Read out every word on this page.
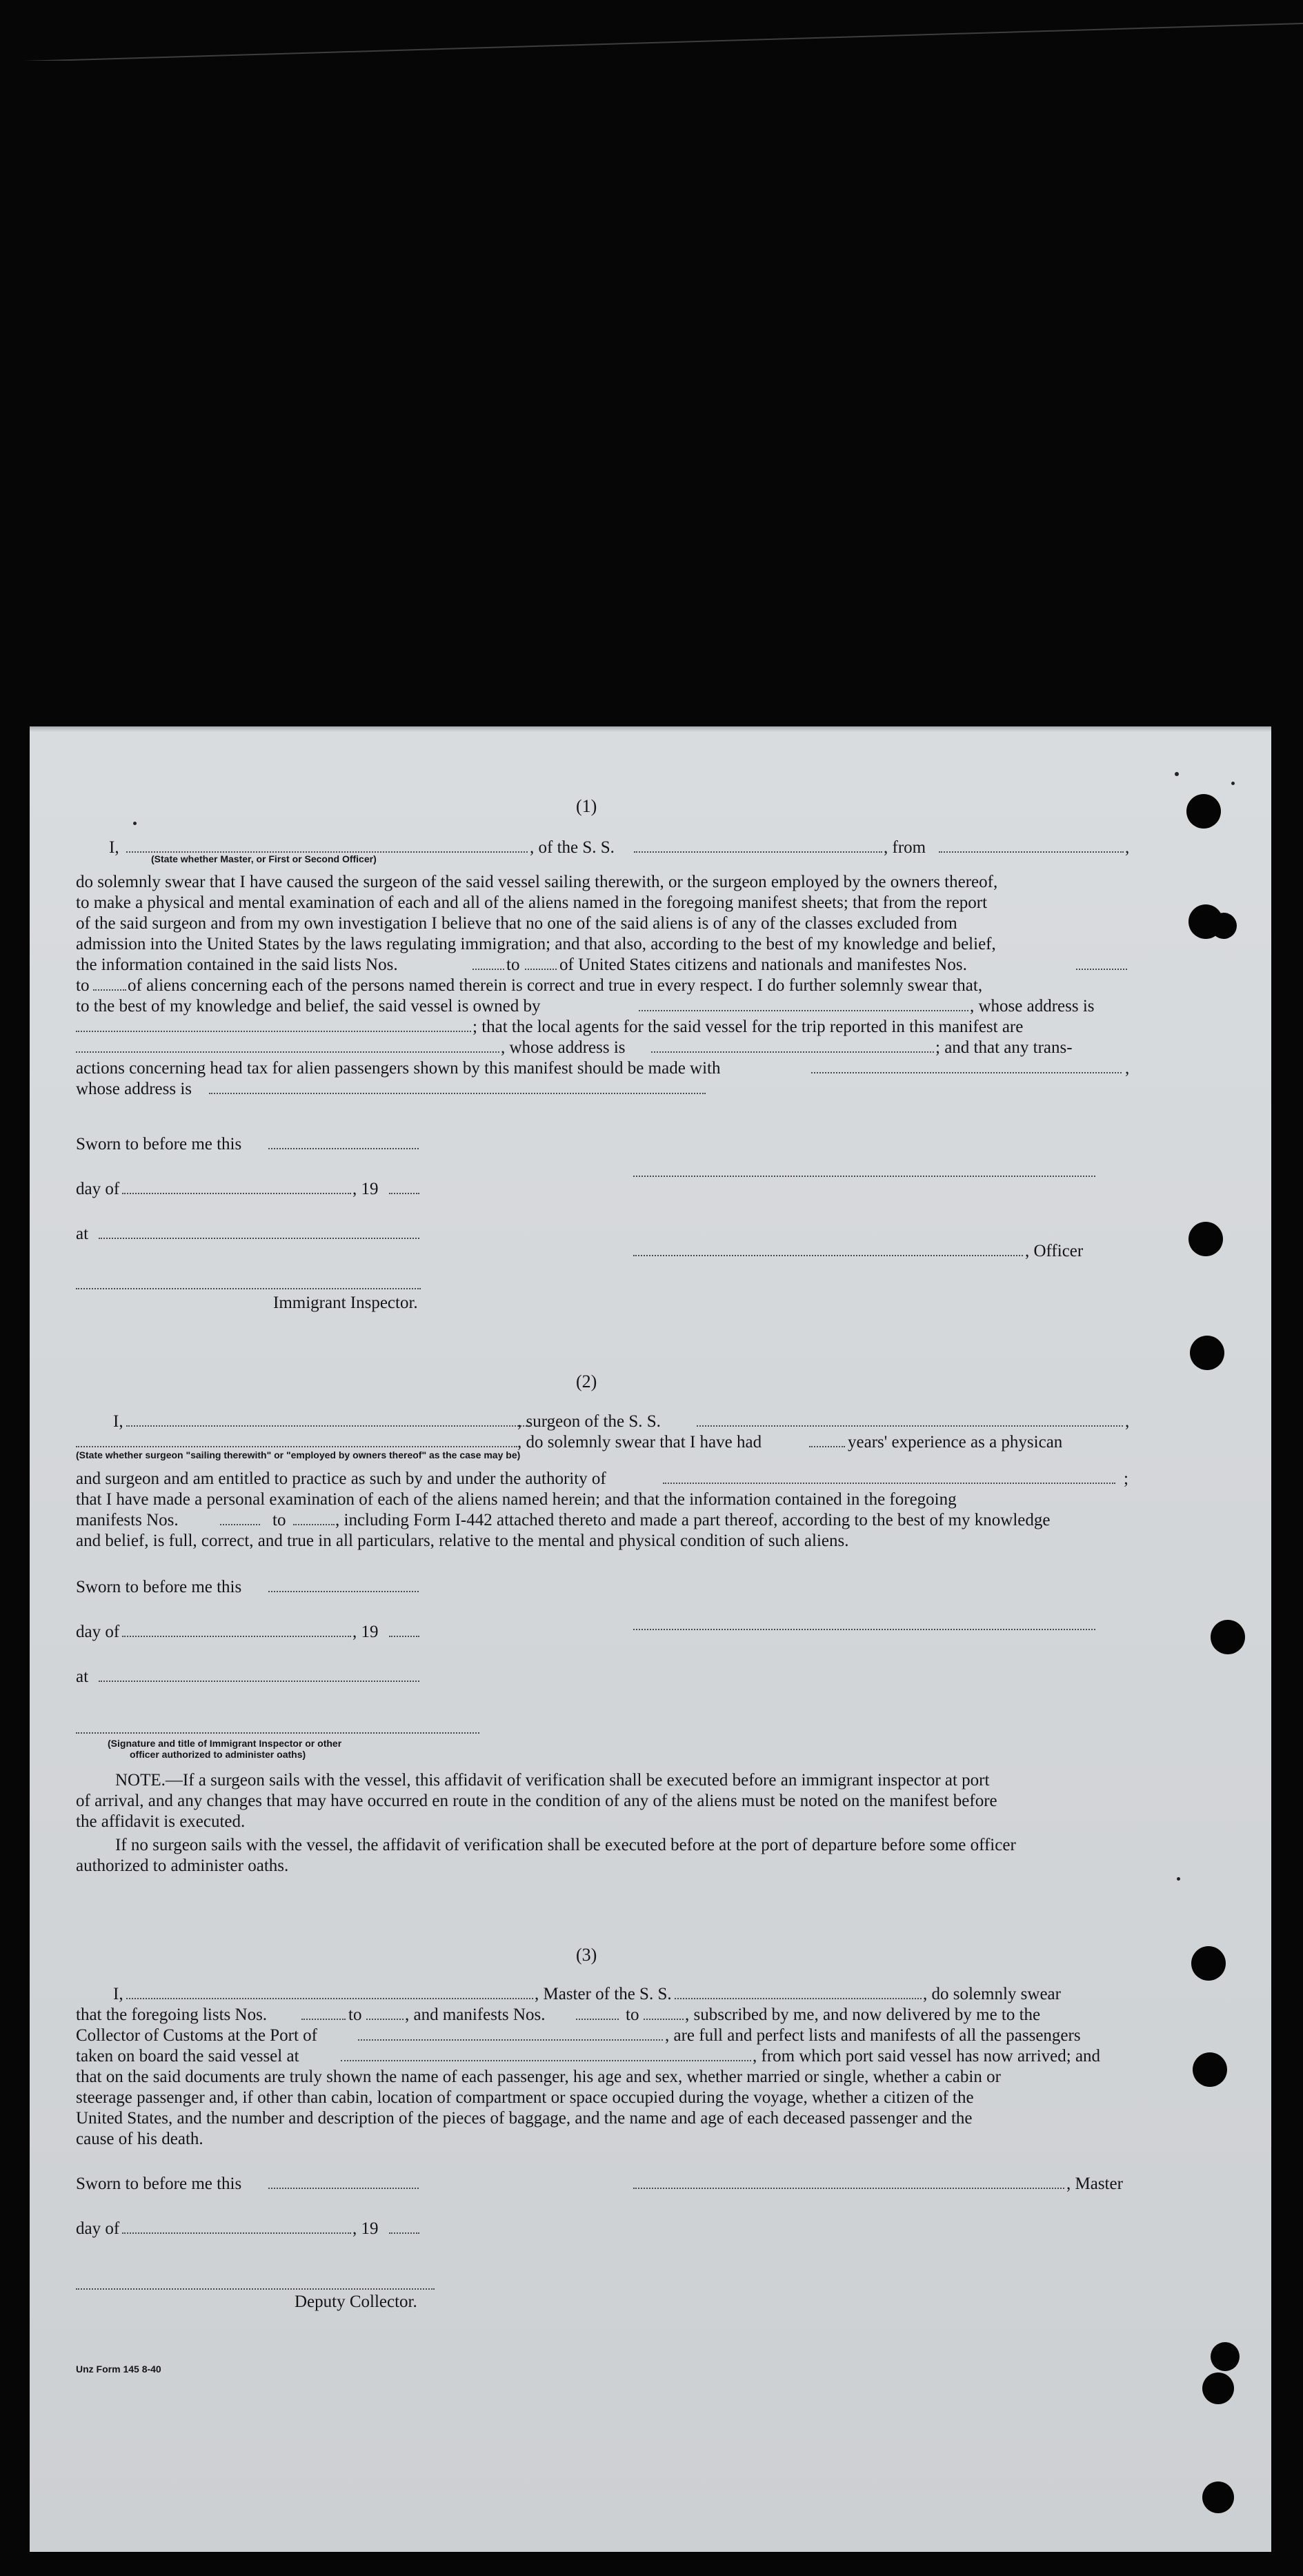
(1)
I,	, of the S. S.	, from	,
(State whether Master, or First or Second Officer)
do solemnly swear that I have caused the surgeon of the said vessel sailing therewith, or the surgeon employed by the owners thereof,
to make a physical and mental examination of each and all of the aliens named in the foregoing manifest sheets; that from the report
of the said surgeon and from my own investigation I believe that no one of the said aliens is of any of the classes excluded from
admission into the United States by the laws regulating immigration; and that also, according to the best of my knowledge and belief,
the information contained in the said lists Nos.	to of United States citizens and nationals and manifestes Nos.
to of aliens concerning each of the persons named therein is correct and true in every respect. I do further solemnly swear that,
to the best of my knowledge and belief, the said vessel is owned by	, whose address is
; that the local agents for the said vessel for the trip reported in this manifest are
, whose address is	; and that any trans-
actions concerning head tax for alien passengers shown by this manifest should be made with	,
whose address is
Sworn to before me this
day of	, 19
at
, Officer
Immigrant Inspector.
(2)
I,	, surgeon of the S. S.	,
, do solemnly swear that I have had	years' experience as a physican
(State whether surgeon "sailing therewith" or "employed by owners thereof" as the case may be)
and surgeon and am entitled to practice as such by and under the authority of	;
that I have made a personal examination of each of the aliens named herein; and that the information contained in the foregoing
manifests Nos.	to	, including Form I-442 attached thereto and made a part thereof, according to the best of my knowledge
and belief, is full, correct, and true in all particulars, relative to the mental and physical condition of such aliens.
Sworn to before me this
day of	, 19
at
(Signature and title of Immigrant Inspector or other
officer authorized to administer oaths)
NOTE.—If a surgeon sails with the vessel, this affidavit of verification shall be executed before an immigrant inspector at port
of arrival, and any changes that may have occurred en route in the condition of any of the aliens must be noted on the manifest before
the affidavit is executed.
If no surgeon sails with the vessel, the affidavit of verification shall be executed before at the port of departure before some officer
authorized to administer oaths.
(3)
I,	, Master of the S. S.	, do solemnly swear
that the foregoing lists Nos.	to	, and manifests Nos.	to	, subscribed by me, and now delivered by me to the
Collector of Customs at the Port of	, are full and perfect lists and manifests of all the passengers
taken on board the said vessel at	, from which port said vessel has now arrived; and
that on the said documents are truly shown the name of each passenger, his age and sex, whether married or single, whether a cabin or
steerage passenger and, if other than cabin, location of compartment or space occupied during the voyage, whether a citizen of the
United States, and the number and description of the pieces of baggage, and the name and age of each deceased passenger and the
cause of his death.
Sworn to before me this	, Master
day of	, 19
Deputy Collector.
Unz Form 145 8-40
